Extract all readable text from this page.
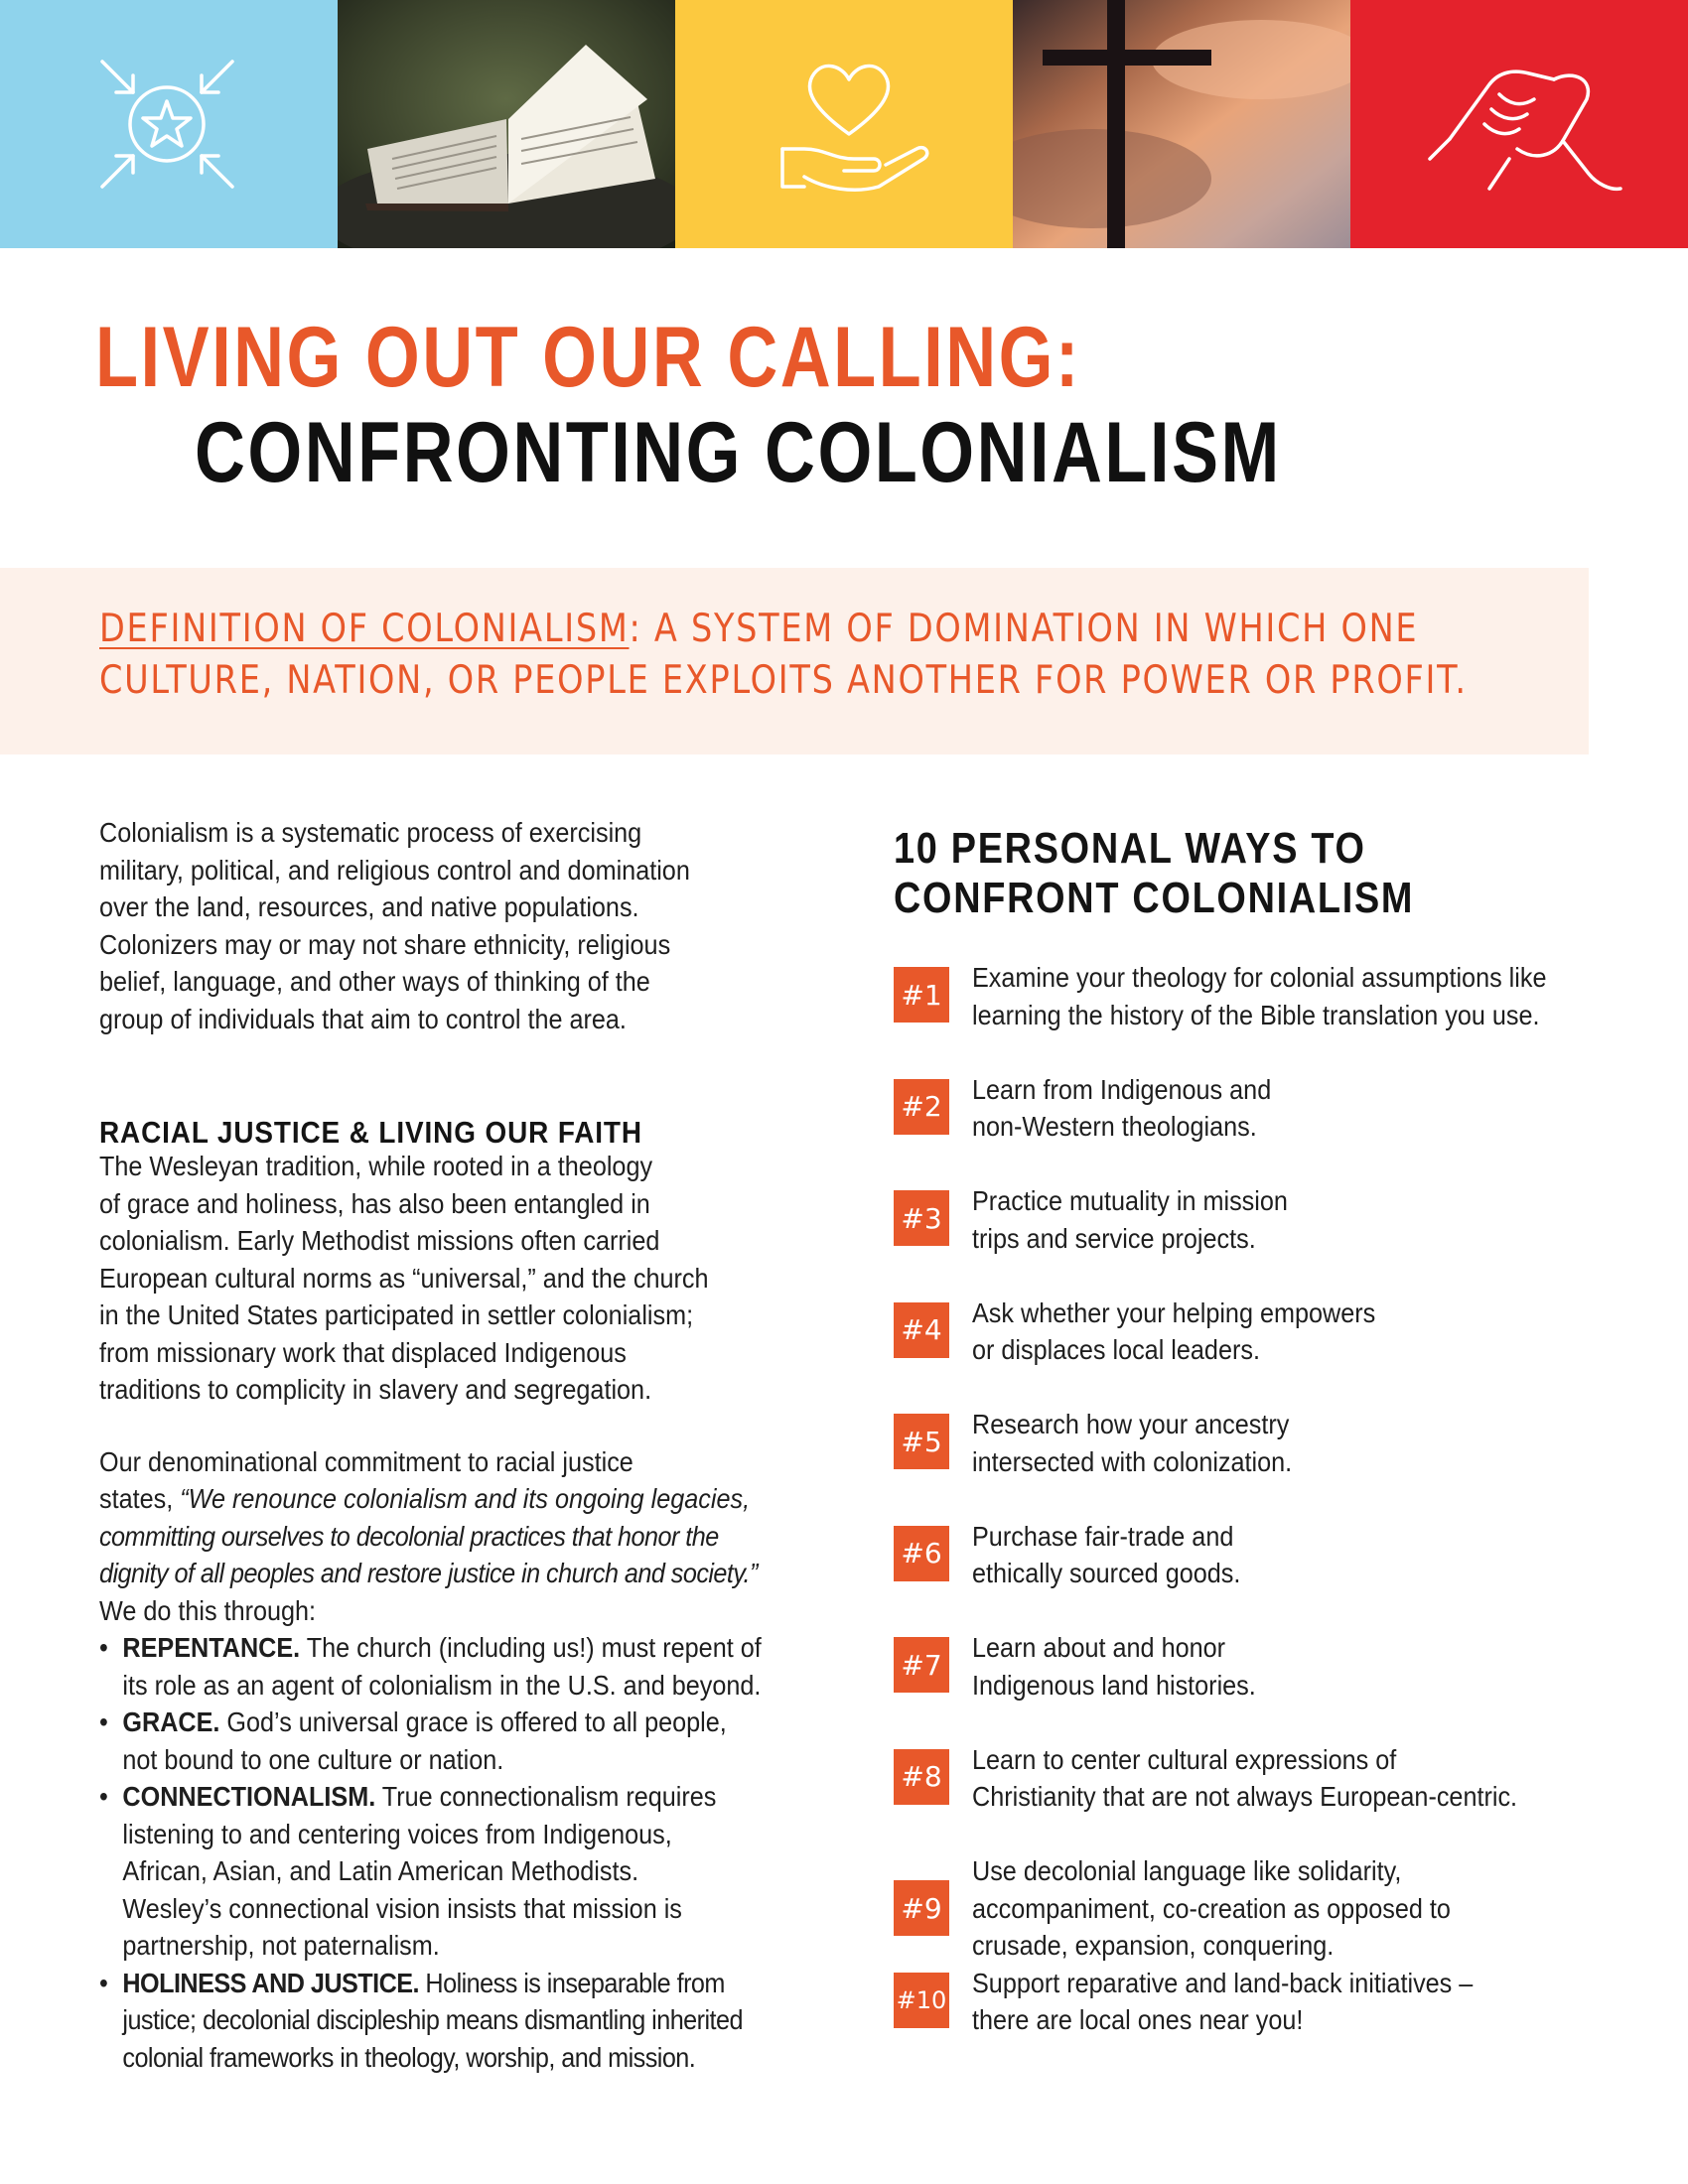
LIVING OUT OUR CALLING:
CONFRONTING COLONIALISM
DEFINITION OF COLONIALISM: A SYSTEM OF DOMINATION IN WHICH ONE
CULTURE, NATION, OR PEOPLE EXPLOITS ANOTHER FOR POWER OR PROFIT.

Colonialism is a systematic process of exercising
military, political, and religious control and domination
over the land, resources, and native populations.
Colonizers may or may not share ethnicity, religious
belief, language, and other ways of thinking of the
group of individuals that aim to control the area.

RACIAL JUSTICE & LIVING OUR FAITH

The Wesleyan tradition, while rooted in a theology
of grace and holiness, has also been entangled in
colonialism. Early Methodist missions often carried
European cultural norms as “universal,” and the church
in the United States participated in settler colonialism;
from missionary work that displaced Indigenous
traditions to complicity in slavery and segregation.

Our denominational commitment to racial justice
states, “We renounce colonialism and its ongoing legacies,
committing ourselves to decolonial practices that honor the
dignity of all peoples and restore justice in church and society.”
We do this through:

• REPENTANCE. The church (including us!) must repent of
its role as an agent of colonialism in the U.S. and beyond.
• GRACE. God’s universal grace is offered to all people,
not bound to one culture or nation.
• CONNECTIONALISM. True connectionalism requires
listening to and centering voices from Indigenous,
African, Asian, and Latin American Methodists.
Wesley’s connectional vision insists that mission is
partnership, not paternalism.
• HOLINESS AND JUSTICE. Holiness is inseparable from
justice; decolonial discipleship means dismantling inherited
colonial frameworks in theology, worship, and mission.
10 PERSONAL WAYS TO
CONFRONT COLONIALISM
#1
Examine your theology for colonial assumptions like
learning the history of the Bible translation you use.
#2
Learn from Indigenous and
non-Western theologians.
#3
Practice mutuality in mission
trips and service projects.
#4
Ask whether your helping empowers
or displaces local leaders.
#5
Research how your ancestry
intersected with colonization.
#6
Purchase fair-trade and
ethically sourced goods.
#7
Learn about and honor
Indigenous land histories.
#8
Learn to center cultural expressions of
Christianity that are not always European-centric.
#9
Use decolonial language like solidarity,
accompaniment, co-creation as opposed to
crusade, expansion, conquering.
#10
Support reparative and land-back initiatives –
there are local ones near you!
